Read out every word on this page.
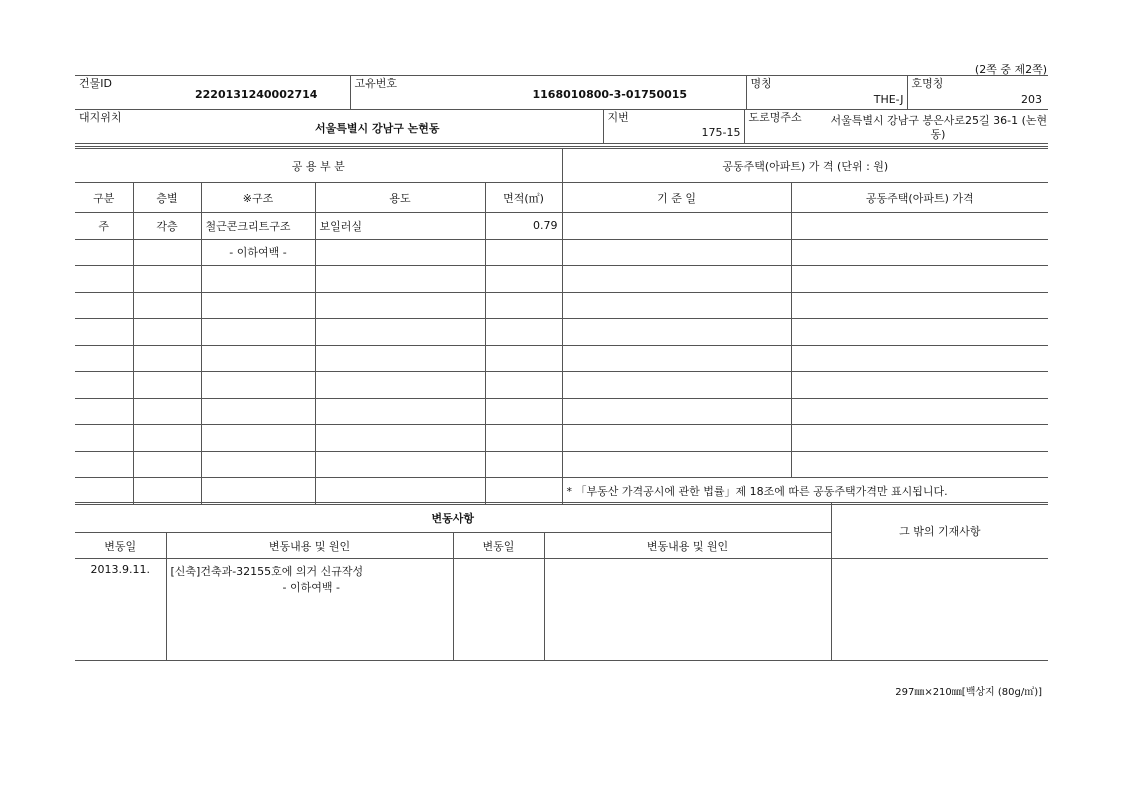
(2쪽 중 제2쪽)
건물ID
2220131240002714

고유번호
1168010800-3-01750015

명칭
THE-J

호명칭
203
대지위치
서울특별시 강남구 논현동

지번
175-15

도로명주소	서울특별시 강남구 봉은사로25길 36-1 (논현
동)
공 용 부 분					공동주택(아파트) 가 격 (단위 : 원)	
구분	층별	※구조	용도	면적(㎡)	기 준 일	공동주택(아파트) 가격
주	각층	철근콘크리트구조	보일러실	0.79		
		- 이하여백 -				

					* 「부동산 가격공시에 관한 법률」제 18조에 따른 공동주택가격만 표시됩니다.	
변동사항				그 밖의 기재사항
변동일	변동내용 및 원인	변동일	변동내용 및 원인	
2013.9.11.	[신축]건축과-32155호에 의거 신규작성
- 이하여백 -			

297㎜×210㎜[백상지 (80g/㎡)]
